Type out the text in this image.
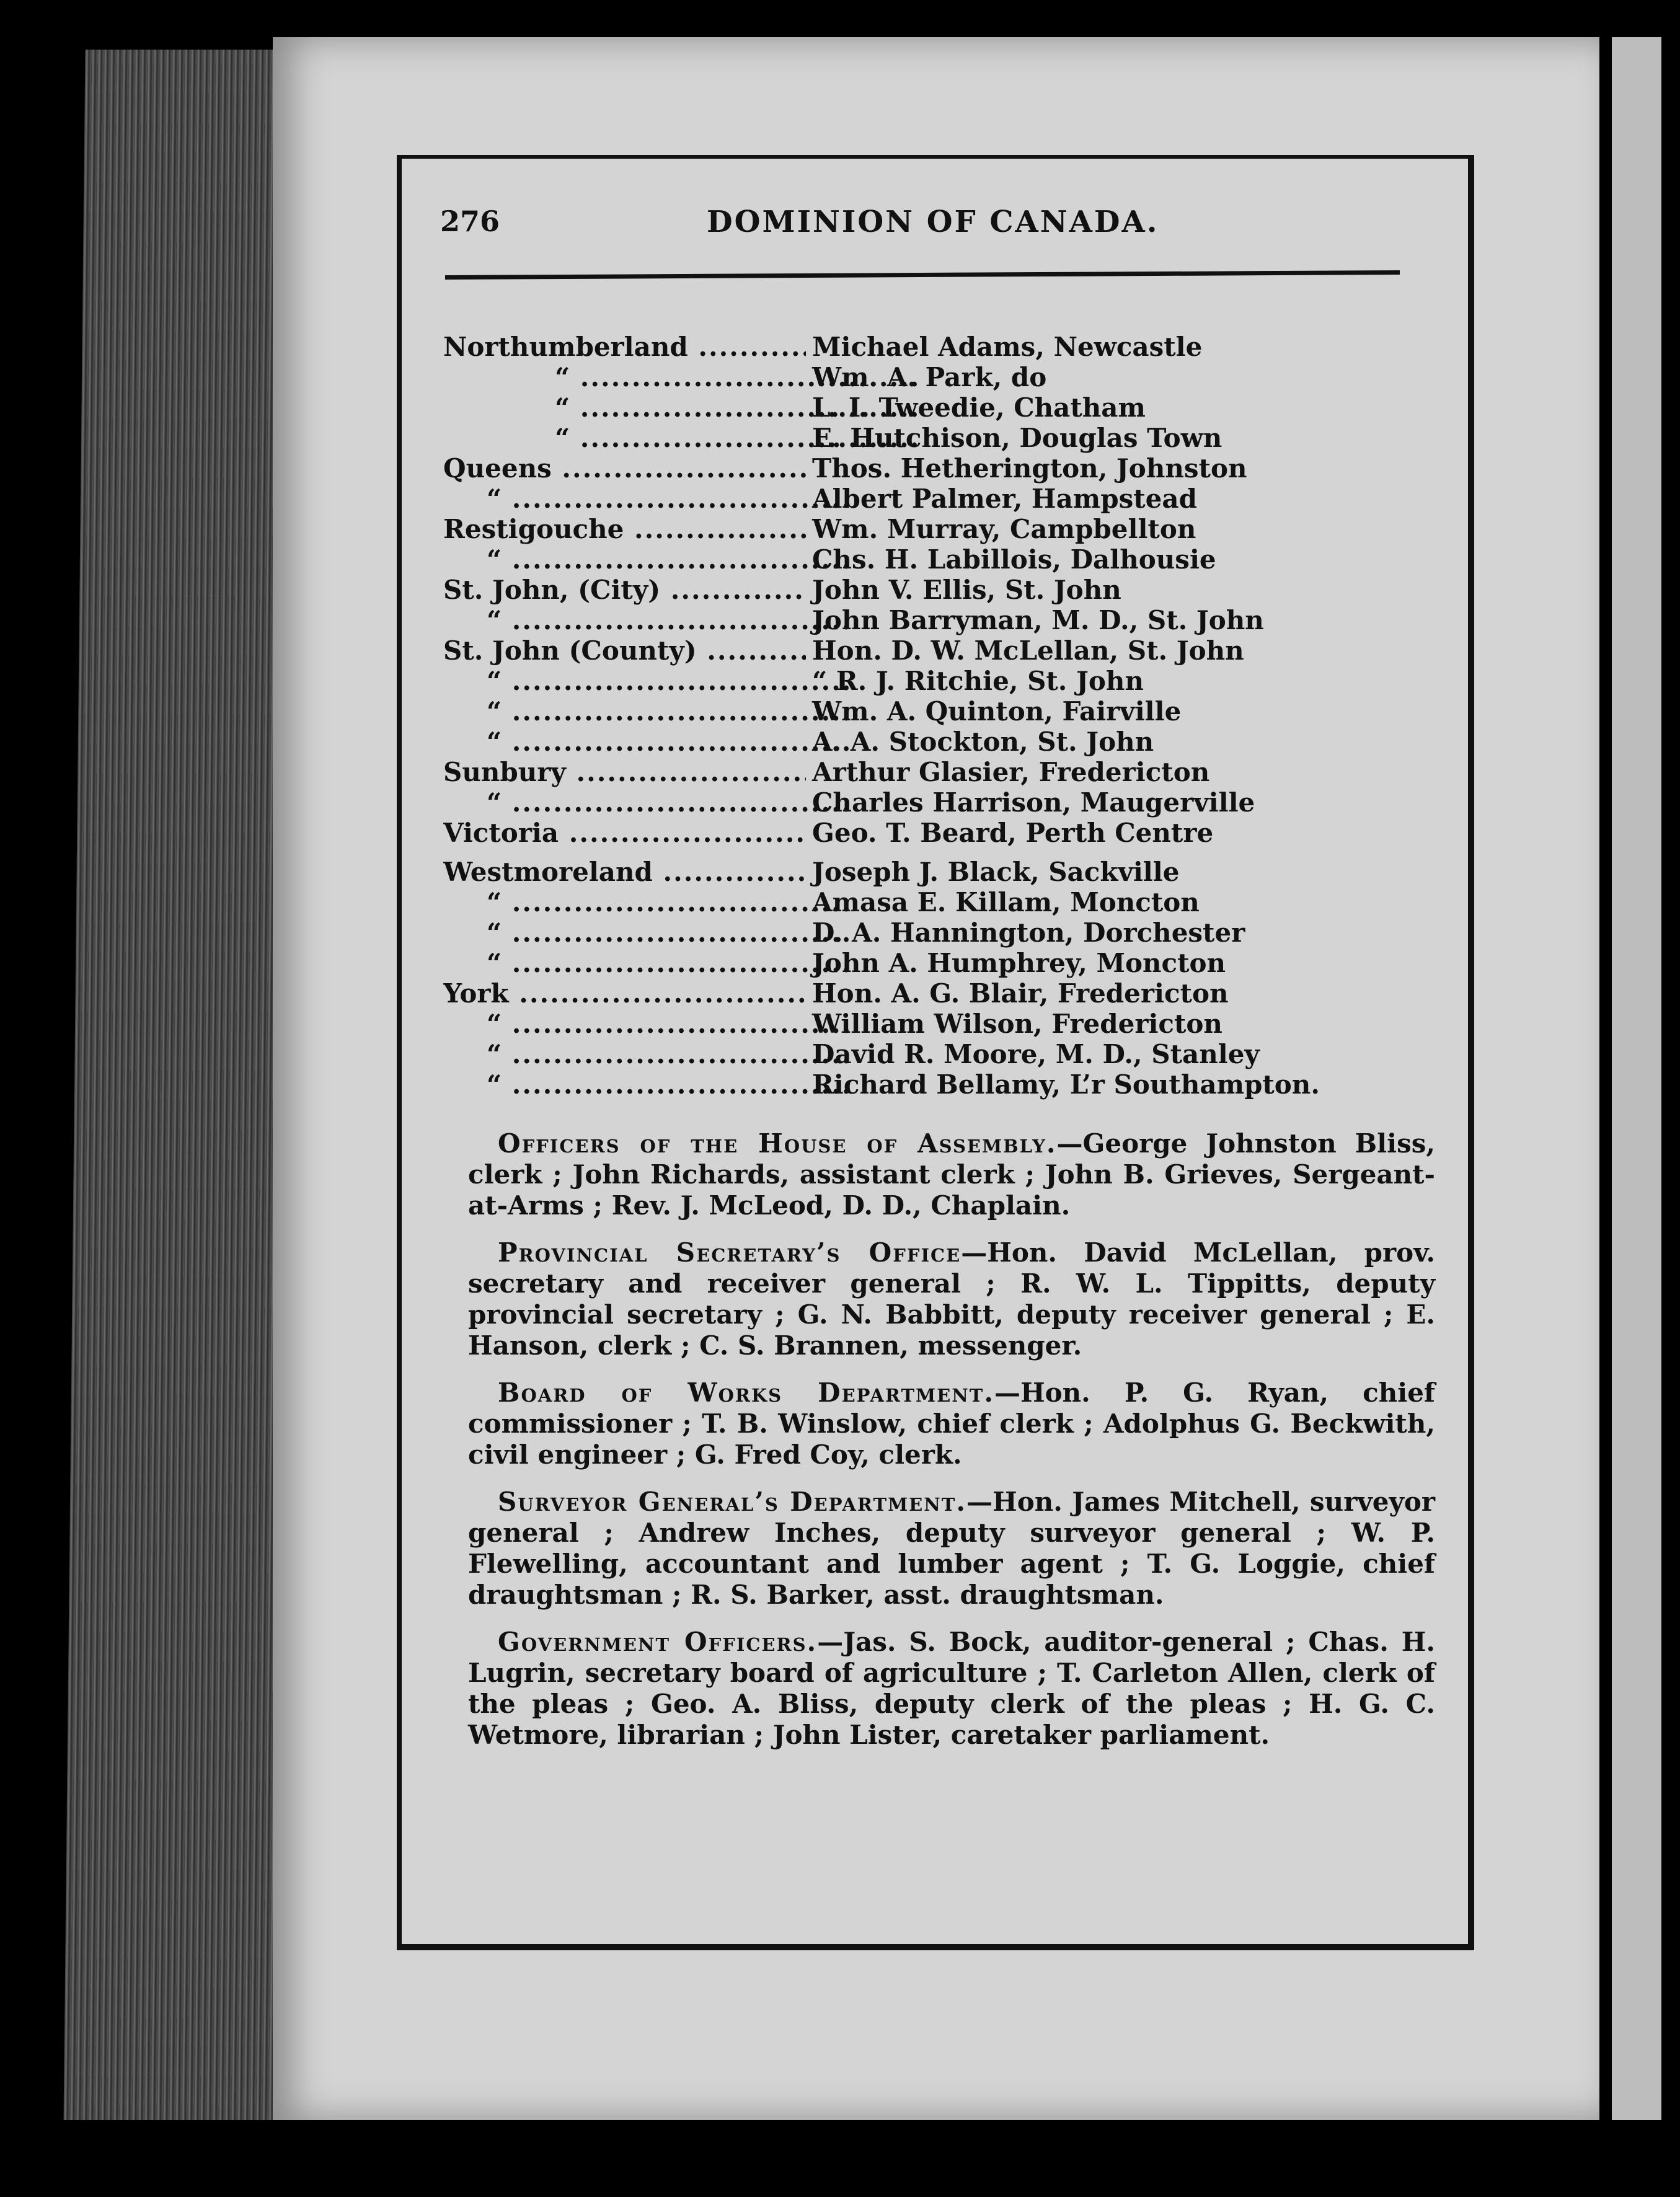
276	DOMINION OF CANADA.
Northumberland .....	Michael Adams, Newcastle
“ .....	Wm. A. Park, do
“ .....	L. I. Tweedie, Chatham
“ .....	E. Hutchison, Douglas Town
Queens .....	Thos. Hetherington, Johnston
“ .....	Albert Palmer, Hampstead
Restigouche .....	Wm. Murray, Campbellton
“ .....	Chs. H. Labillois, Dalhousie
St. John, (City) .....	John V. Ellis, St. John
“ .....	John Barryman, M. D., St. John
St. John (County) .....	Hon. D. W. McLellan, St. John
“ .....	“ R. J. Ritchie, St. John
“ .....	Wm. A. Quinton, Fairville
“ .....	A. A. Stockton, St. John
Sunbury .....	Arthur Glasier, Fredericton
“ .....	Charles Harrison, Maugerville
Victoria .....	Geo. T. Beard, Perth Centre
Westmoreland .....	Joseph J. Black, Sackville
“ .....	Amasa E. Killam, Moncton
“ .....	D. A. Hannington, Dorchester
“ .....	John A. Humphrey, Moncton
York .....	Hon. A. G. Blair, Fredericton
“ .....	William Wilson, Fredericton
“ .....	David R. Moore, M. D., Stanley
“ .....	Richard Bellamy, L’r Southampton.

Officers of the House of Assembly.—George Johnston Bliss, clerk ; John Richards, assistant clerk ; John B. Grieves, Sergeant-at-Arms ; Rev. J. McLeod, D. D., Chaplain.

Provincial Secretary’s Office—Hon. David McLellan, prov. secretary and receiver general ; R. W. L. Tippitts, deputy provincial secretary ; G. N. Babbitt, deputy receiver general ; E. Hanson, clerk ; C. S. Brannen, messenger.

Board of Works Department.—Hon. P. G. Ryan, chief commissioner ; T. B. Winslow, chief clerk ; Adolphus G. Beckwith, civil engineer ; G. Fred Coy, clerk.

Surveyor General’s Department.—Hon. James Mitchell, surveyor general ; Andrew Inches, deputy surveyor general ; W. P. Flewelling, accountant and lumber agent ; T. G. Loggie, chief draughtsman ; R. S. Barker, asst. draughtsman.

Government Officers.—Jas. S. Bock, auditor-general ; Chas. H. Lugrin, secretary board of agriculture ; T. Carleton Allen, clerk of the pleas ; Geo. A. Bliss, deputy clerk of the pleas ; H. G. C. Wetmore, librarian ; John Lister, caretaker parliament.
